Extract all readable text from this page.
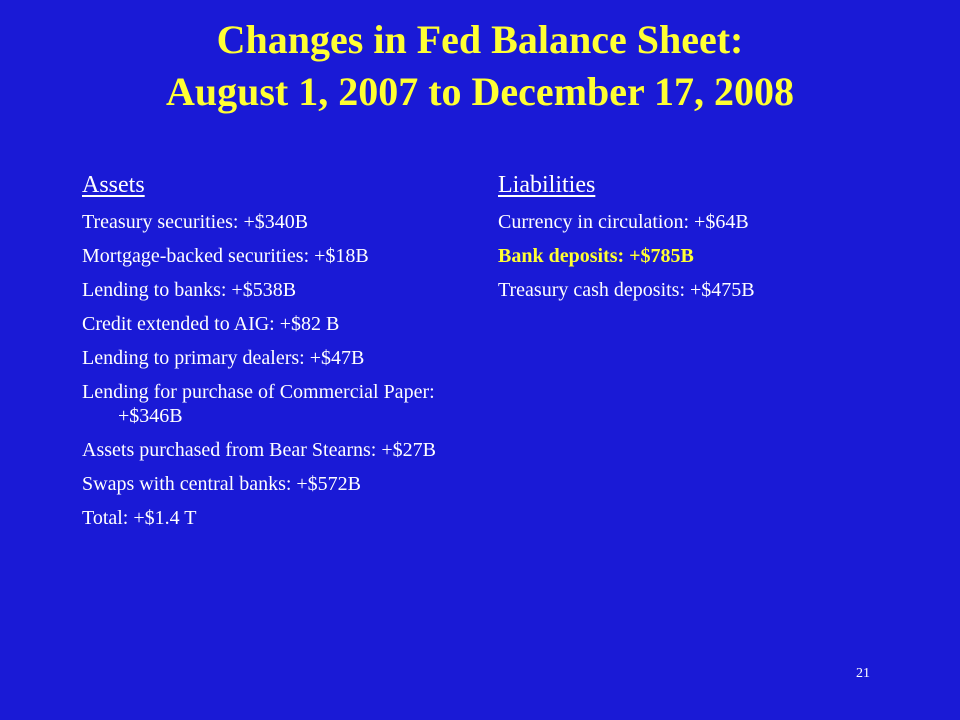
Changes in Fed Balance Sheet:
August 1, 2007 to December 17, 2008
Assets
Treasury securities: +$340B
Mortgage-backed securities: +$18B
Lending to banks: +$538B
Credit extended to AIG: +$82 B
Lending to primary dealers: +$47B
Lending for purchase of Commercial Paper: +$346B
Assets purchased from Bear Stearns: +$27B
Swaps with central banks: +$572B
Total: +$1.4 T
Liabilities
Currency in circulation: +$64B
Bank deposits: +$785B
Treasury cash deposits: +$475B
21
